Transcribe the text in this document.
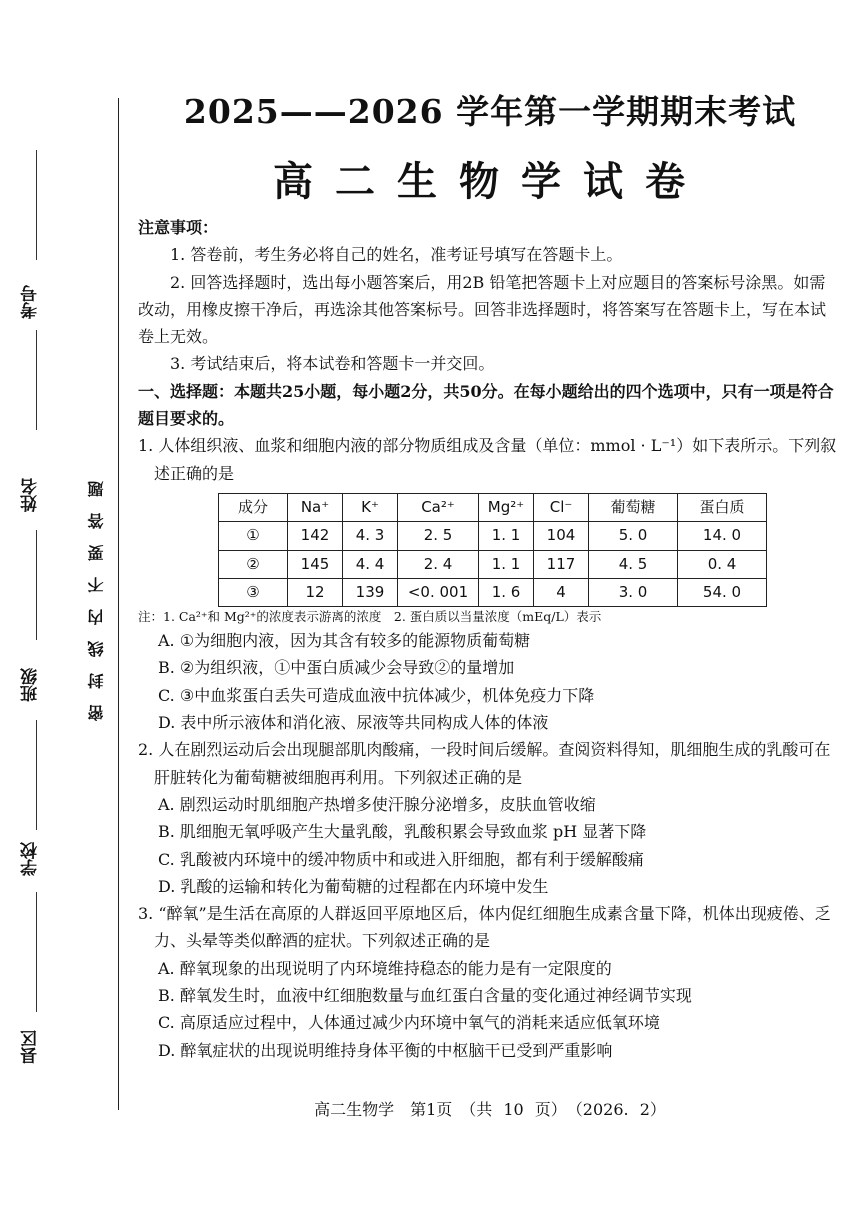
考号
姓名
班级
学校
县区
密封线内不要答题
2025——2026 学年第一学期期末考试
高二生物学试卷

注意事项：

1. 答卷前，考生务必将自己的姓名，准考证号填写在答题卡上。

2. 回答选择题时，选出每小题答案后，用2B 铅笔把答题卡上对应题目的答案标号涂黑。如需改动，用橡皮擦干净后，再选涂其他答案标号。回答非选择题时，将答案写在答题卡上，写在本试卷上无效。

3. 考试结束后，将本试卷和答题卡一并交回。

一、选择题：本题共25小题，每小题2分，共50分。在每小题给出的四个选项中，只有一项是符合题目要求的。

1. 人体组织液、血浆和细胞内液的部分物质组成及含量（单位：mmol · L⁻¹）如下表所示。下列叙述正确的是

成分	Na⁺	K⁺	Ca²⁺	Mg²⁺	Cl⁻	葡萄糖	蛋白质
①	142	4. 3	2. 5	1. 1	104	5. 0	14. 0
②	145	4. 4	2. 4	1. 1	117	4. 5	0. 4
③	12	139	<0. 001	1. 6	4	3. 0	54. 0

注：1. Ca²⁺和 Mg²⁺的浓度表示游离的浓度　2. 蛋白质以当量浓度（mEq/L）表示

A. ①为细胞内液，因为其含有较多的能源物质葡萄糖

B. ②为组织液，①中蛋白质减少会导致②的量增加

C. ③中血浆蛋白丢失可造成血液中抗体减少，机体免疫力下降

D. 表中所示液体和消化液、尿液等共同构成人体的体液

2. 人在剧烈运动后会出现腿部肌肉酸痛，一段时间后缓解。查阅资料得知，肌细胞生成的乳酸可在肝脏转化为葡萄糖被细胞再利用。下列叙述正确的是

A. 剧烈运动时肌细胞产热增多使汗腺分泌增多，皮肤血管收缩

B. 肌细胞无氧呼吸产生大量乳酸，乳酸积累会导致血浆 pH 显著下降

C. 乳酸被内环境中的缓冲物质中和或进入肝细胞，都有利于缓解酸痛

D. 乳酸的运输和转化为葡萄糖的过程都在内环境中发生

3. “醉氧”是生活在高原的人群返回平原地区后，体内促红细胞生成素含量下降，机体出现疲倦、乏力、头晕等类似醉酒的症状。下列叙述正确的是

A. 醉氧现象的出现说明了内环境维持稳态的能力是有一定限度的

B. 醉氧发生时，血液中红细胞数量与血红蛋白含量的变化通过神经调节实现

C. 高原适应过程中，人体通过减少内环境中氧气的消耗来适应低氧环境

D. 醉氧症状的出现说明维持身体平衡的中枢脑干已受到严重影响

高二生物学　第1页　（共 10 页）　（2026. 2）
